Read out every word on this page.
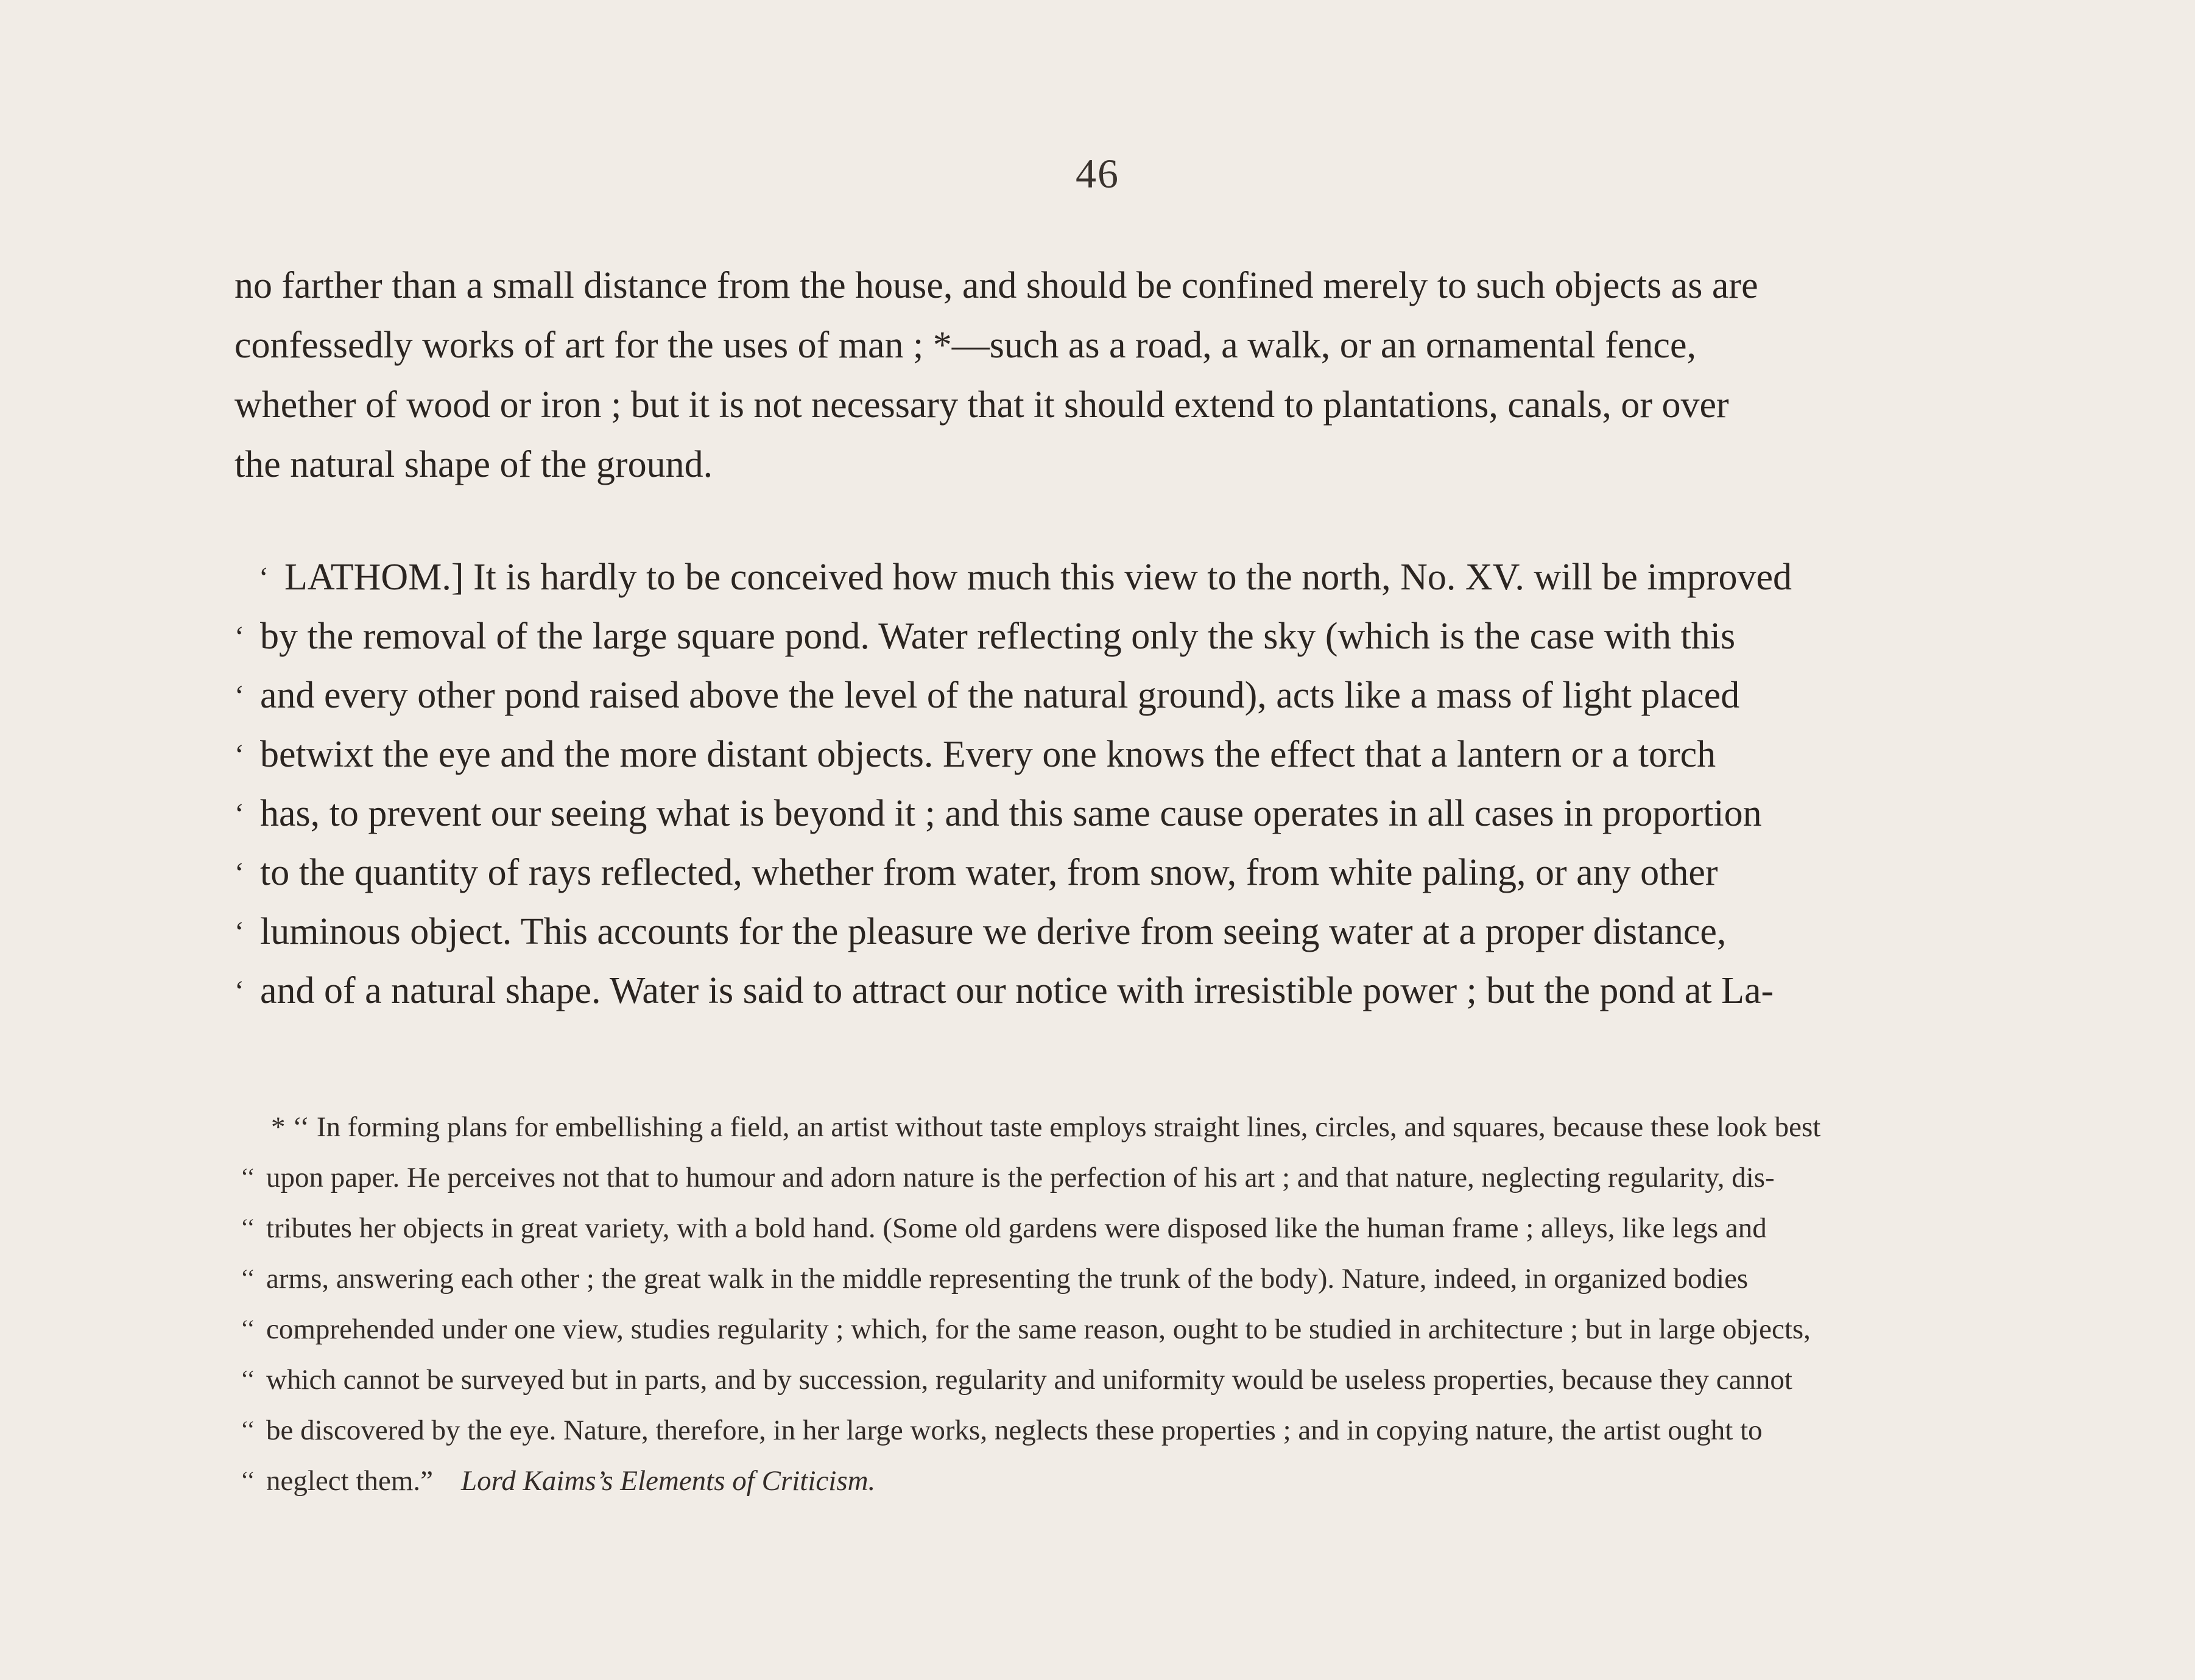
46
no farther than a small distance from the house, and should be confined merely to such objects as are
confessedly works of art for the uses of man ; *—such as a road, a walk, or an ornamental fence,
whether of wood or iron ; but it is not necessary that it should extend to plantations, canals, or over
the natural shape of the ground.
‘ LATHOM.] It is hardly to be conceived how much this view to the north, No. XV. will be improved
‘ by the removal of the large square pond. Water reflecting only the sky (which is the case with this
‘ and every other pond raised above the level of the natural ground), acts like a mass of light placed
‘ betwixt the eye and the more distant objects. Every one knows the effect that a lantern or a torch
‘ has, to prevent our seeing what is beyond it ; and this same cause operates in all cases in proportion
‘ to the quantity of rays reflected, whether from water, from snow, from white paling, or any other
‘ luminous object. This accounts for the pleasure we derive from seeing water at a proper distance,
‘ and of a natural shape. Water is said to attract our notice with irresistible power ; but the pond at La-
* ‘‘ In forming plans for embellishing a field, an artist without taste employs straight lines, circles, and squares, because these look best
‘‘ upon paper. He perceives not that to humour and adorn nature is the perfection of his art ; and that nature, neglecting regularity, dis-
‘‘ tributes her objects in great variety, with a bold hand. (Some old gardens were disposed like the human frame ; alleys, like legs and
‘‘ arms, answering each other ; the great walk in the middle representing the trunk of the body). Nature, indeed, in organized bodies
‘‘ comprehended under one view, studies regularity ; which, for the same reason, ought to be studied in architecture ; but in large objects,
‘‘ which cannot be surveyed but in parts, and by succession, regularity and uniformity would be useless properties, because they cannot
‘‘ be discovered by the eye. Nature, therefore, in her large works, neglects these properties ; and in copying nature, the artist ought to
‘‘ neglect them.” Lord Kaims’s Elements of Criticism.
